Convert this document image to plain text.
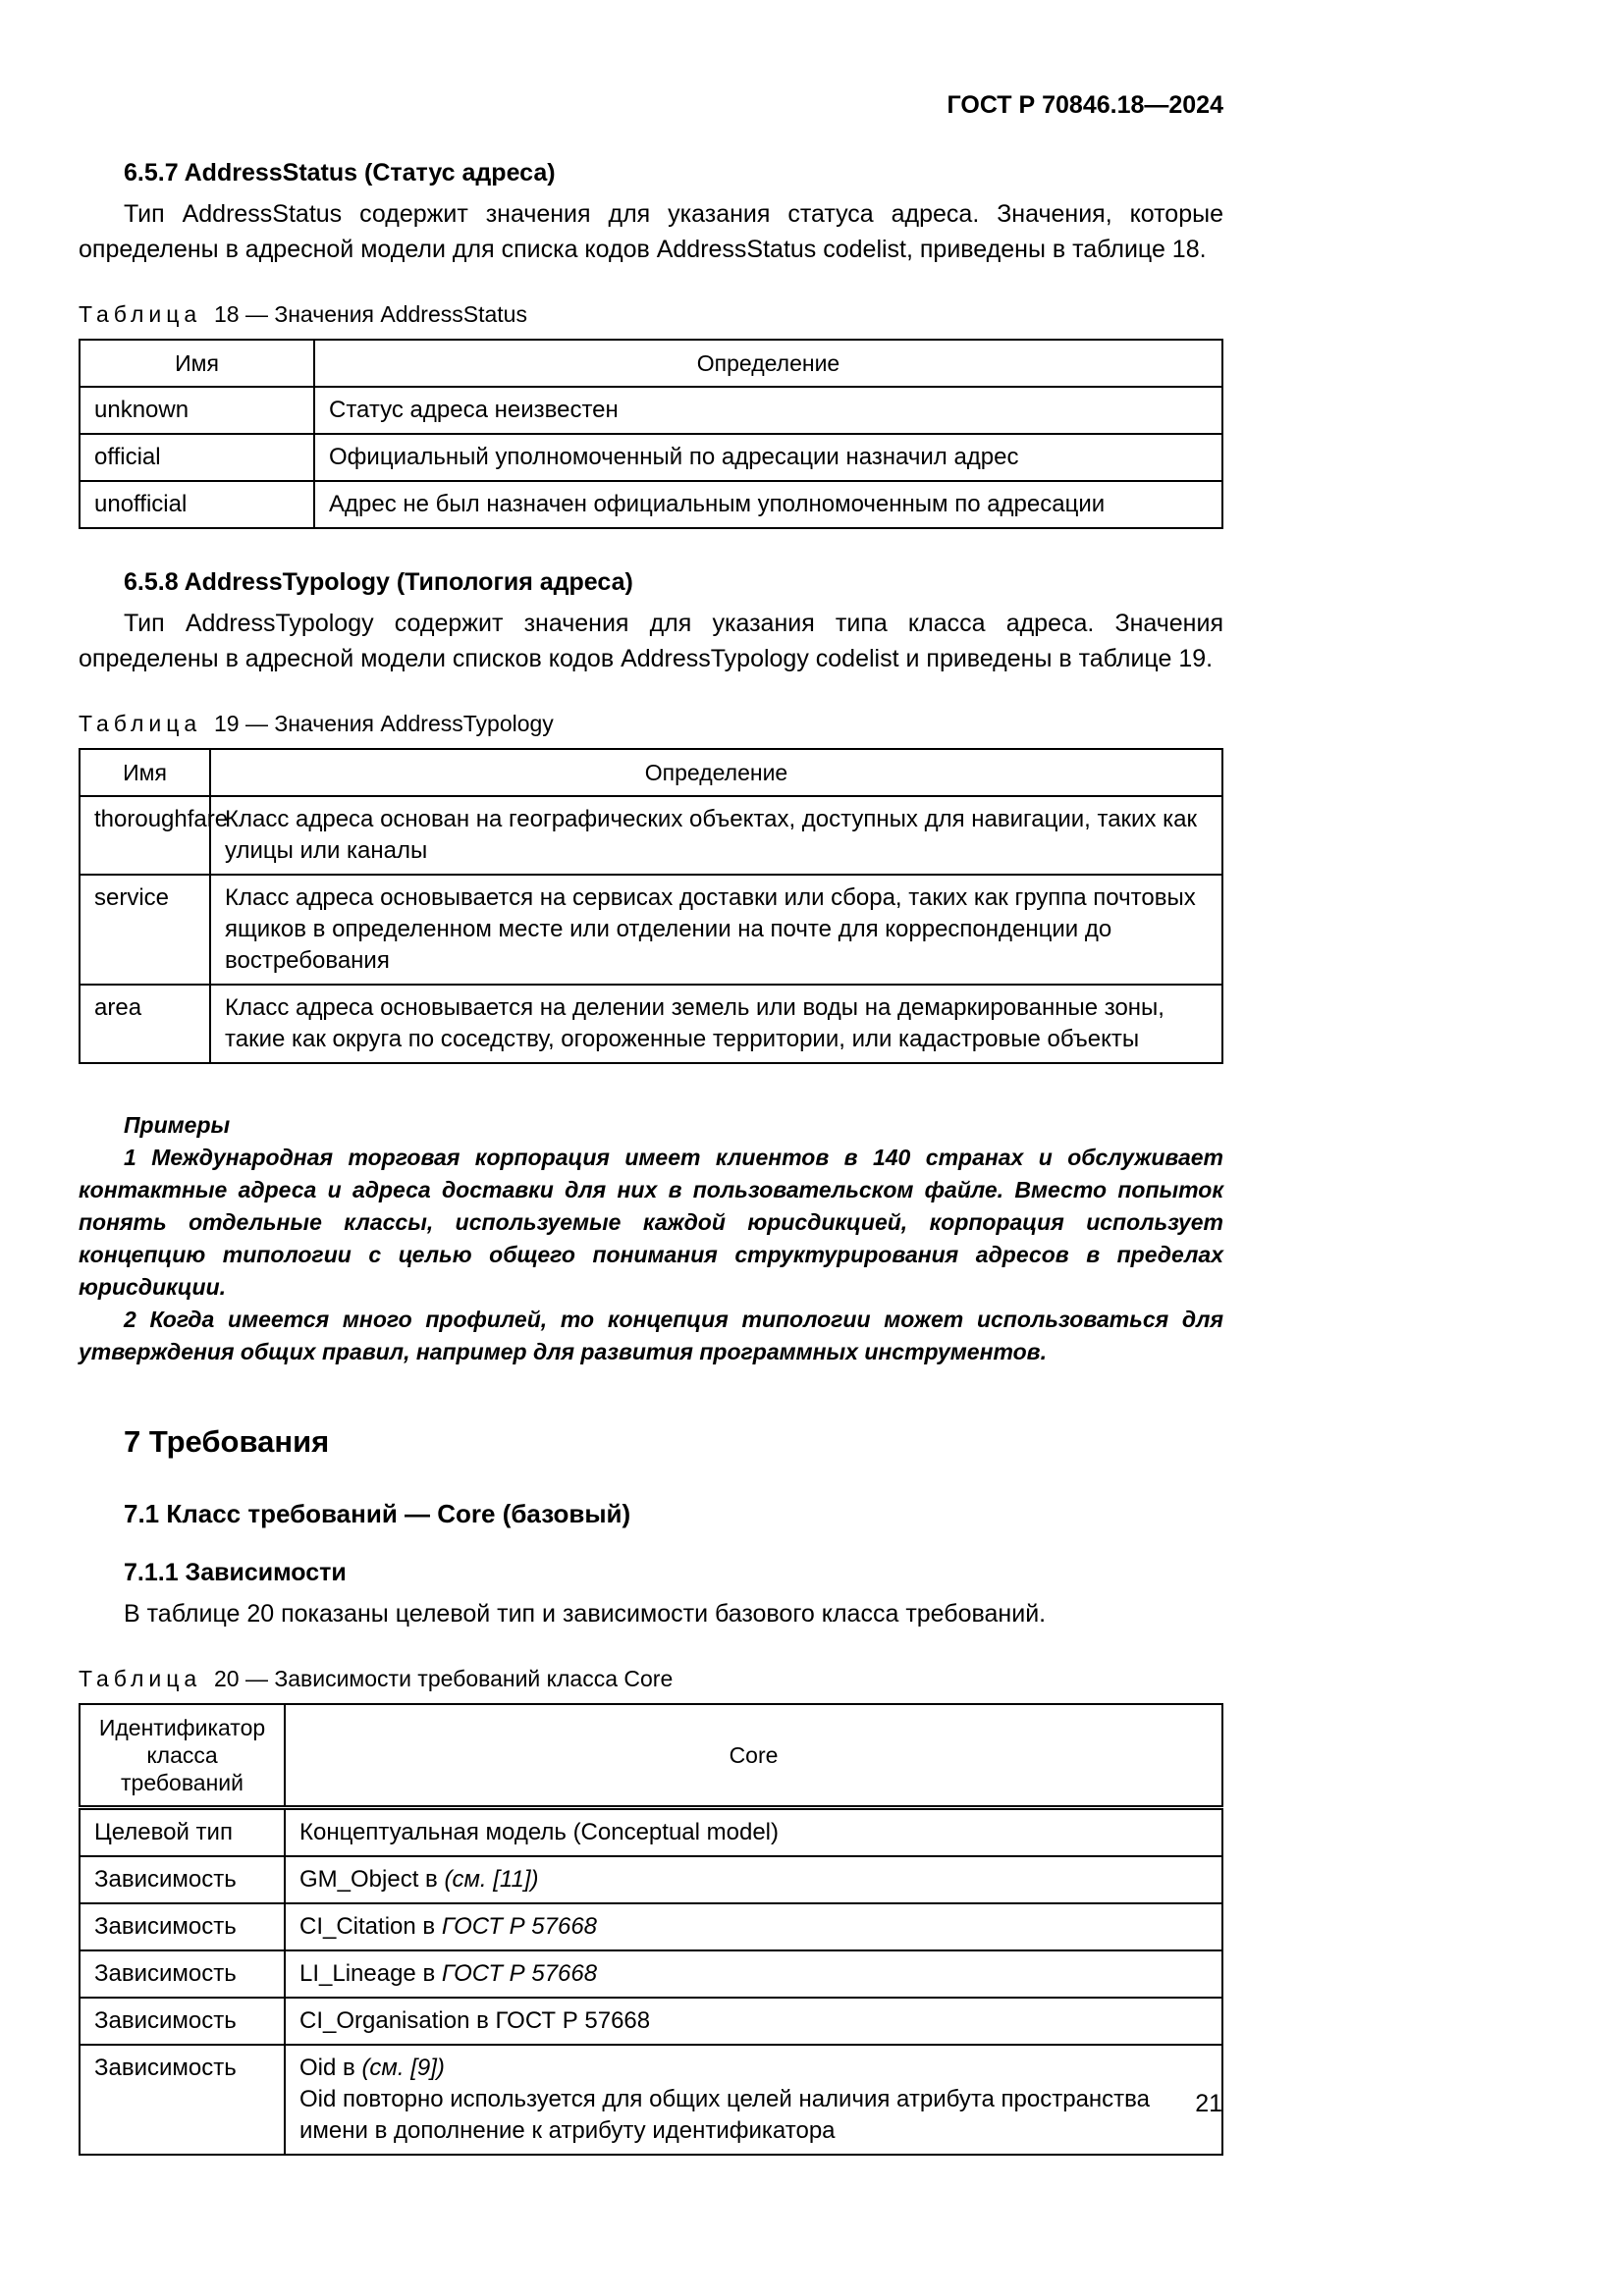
ГОСТ Р 70846.18—2024
6.5.7 AddressStatus (Статус адреса)

Тип AddressStatus содержит значения для указания статуса адреса. Значения, которые определены в адресной модели для списка кодов AddressStatus codelist, приведены в таблице 18.

Таблица 18 — Значения AddressStatus
Имя	Определение
unknown	Статус адреса неизвестен
official	Официальный уполномоченный по адресации назначил адрес
unofficial	Адрес не был назначен официальным уполномоченным по адресации
6.5.8 AddressTypology (Типология адреса)

Тип AddressTypology содержит значения для указания типа класса адреса. Значения определены в адресной модели списков кодов AddressTypology codelist и приведены в таблице 19.

Таблица 19 — Значения AddressTypology
Имя	Определение
thoroughfare	Класс адреса основан на географических объектах, доступных для навигации, таких как улицы или каналы
service	Класс адреса основывается на сервисах доставки или сбора, таких как группа почтовых ящиков в определенном месте или отделении на почте для корреспонденции до востребования
area	Класс адреса основывается на делении земель или воды на демаркированные зоны, такие как округа по соседству, огороженные территории, или кадастровые объекты

Примеры

1 Международная торговая корпорация имеет клиентов в 140 странах и обслуживает контактные адреса и адреса доставки для них в пользовательском файле. Вместо попыток понять отдельные классы, используемые каждой юрисдикцией, корпорация использует концепцию типологии с целью общего понимания структурирования адресов в пределах юрисдикции.

2 Когда имеется много профилей, то концепция типологии может использоваться для утверждения общих правил, например для развития программных инструментов.

7 Требования
7.1 Класс требований — Core (базовый)
7.1.1 Зависимости

В таблице 20 показаны целевой тип и зависимости базового класса требований.

Таблица 20 — Зависимости требований класса Core
Идентификатор класса требований	Core
Целевой тип	Концептуальная модель (Conceptual model)
Зависимость	GM_Object в (см. [11])
Зависимость	CI_Citation в ГОСТ Р 57668
Зависимость	LI_Lineage в ГОСТ Р 57668
Зависимость	CI_Organisation в ГОСТ Р 57668
Зависимость	Oid в (см. [9])
Oid повторно используется для общих целей наличия атрибута пространства имени в дополнение к атрибуту идентификатора
21
